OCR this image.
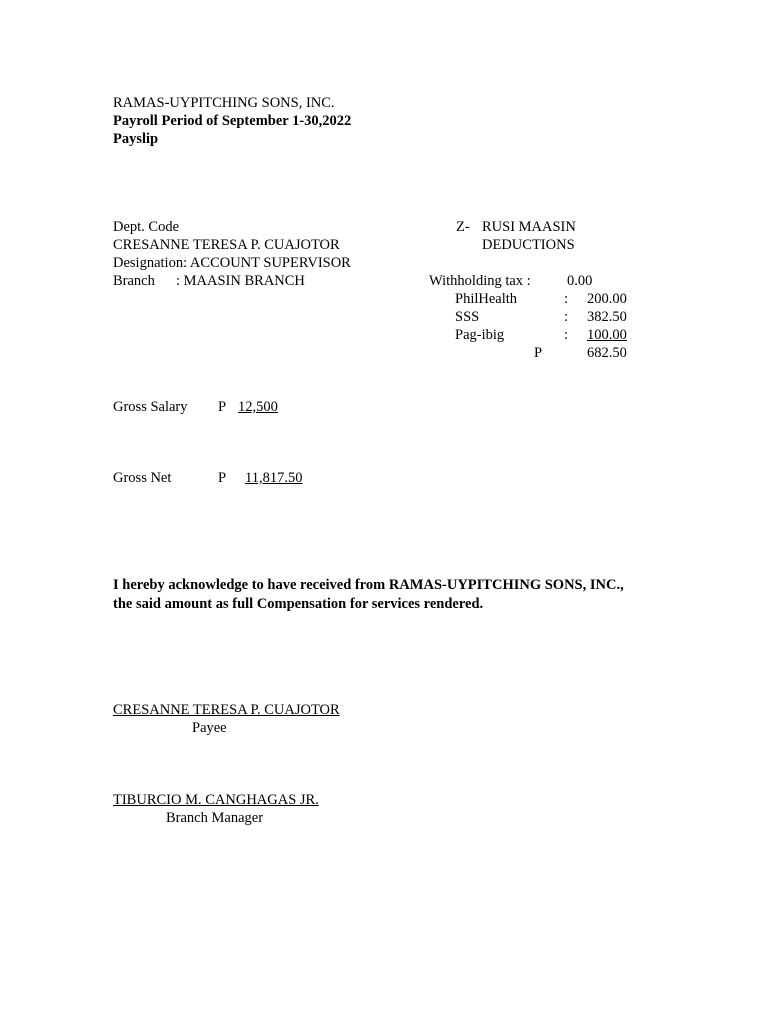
RAMAS-UYPITCHING SONS, INC.
Payroll Period of September 1-30,2022
Payslip
Dept. Code
CRESANNE TERESA P. CUAJOTOR
Designation: ACCOUNT SUPERVISOR
Branch : MAASIN BRANCH
Z- RUSI MAASIN
DEDUCTIONS
Withholding tax :	0.00
PhilHealth	: 200.00
SSS	: 382.50
Pag-ibig	: 100.00
P	682.50
Gross Salary P 12,500
Gross Net	P 11,817.50
I hereby acknowledge to have received from RAMAS-UYPITCHING SONS, INC.,
the said amount as full Compensation for services rendered.
CRESANNE TERESA P. CUAJOTOR
Payee
TIBURCIO M. CANGHAGAS JR.
Branch Manager
